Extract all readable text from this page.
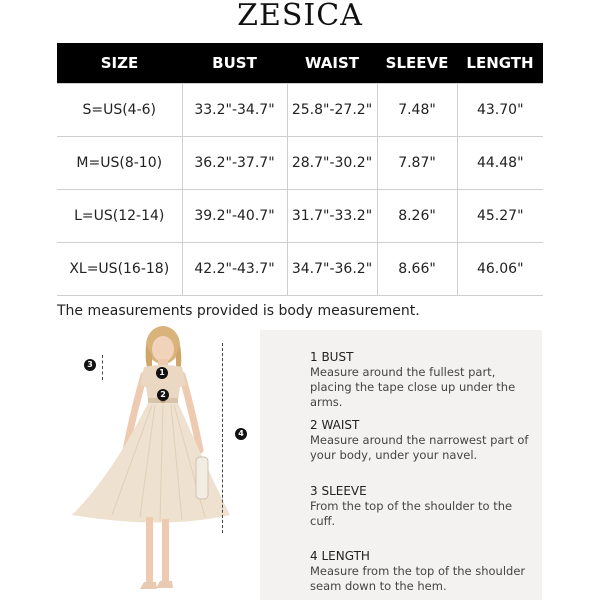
ZESICA
SIZE	BUST	WAIST	SLEEVE	LENGTH
S=US(4-6)	33.2"-34.7"	25.8"-27.2"	7.48"	43.70"
M=US(8-10)	36.2"-37.7"	28.7"-30.2"	7.87"	44.48"
L=US(12-14)	39.2"-40.7"	31.7"-33.2"	8.26"	45.27"
XL=US(16-18)	42.2"-43.7"	34.7"-36.2"	8.66"	46.06"
The measurements provided is body measurement.
1
2
3
4
1 BUST
Measure around the fullest part, placing the tape close up under the arms.
2 WAIST
Measure around the narrowest part of your body, under your navel.
3 SLEEVE
From the top of the shoulder to the cuff.
4 LENGTH
Measure from the top of the shoulder seam down to the hem.
